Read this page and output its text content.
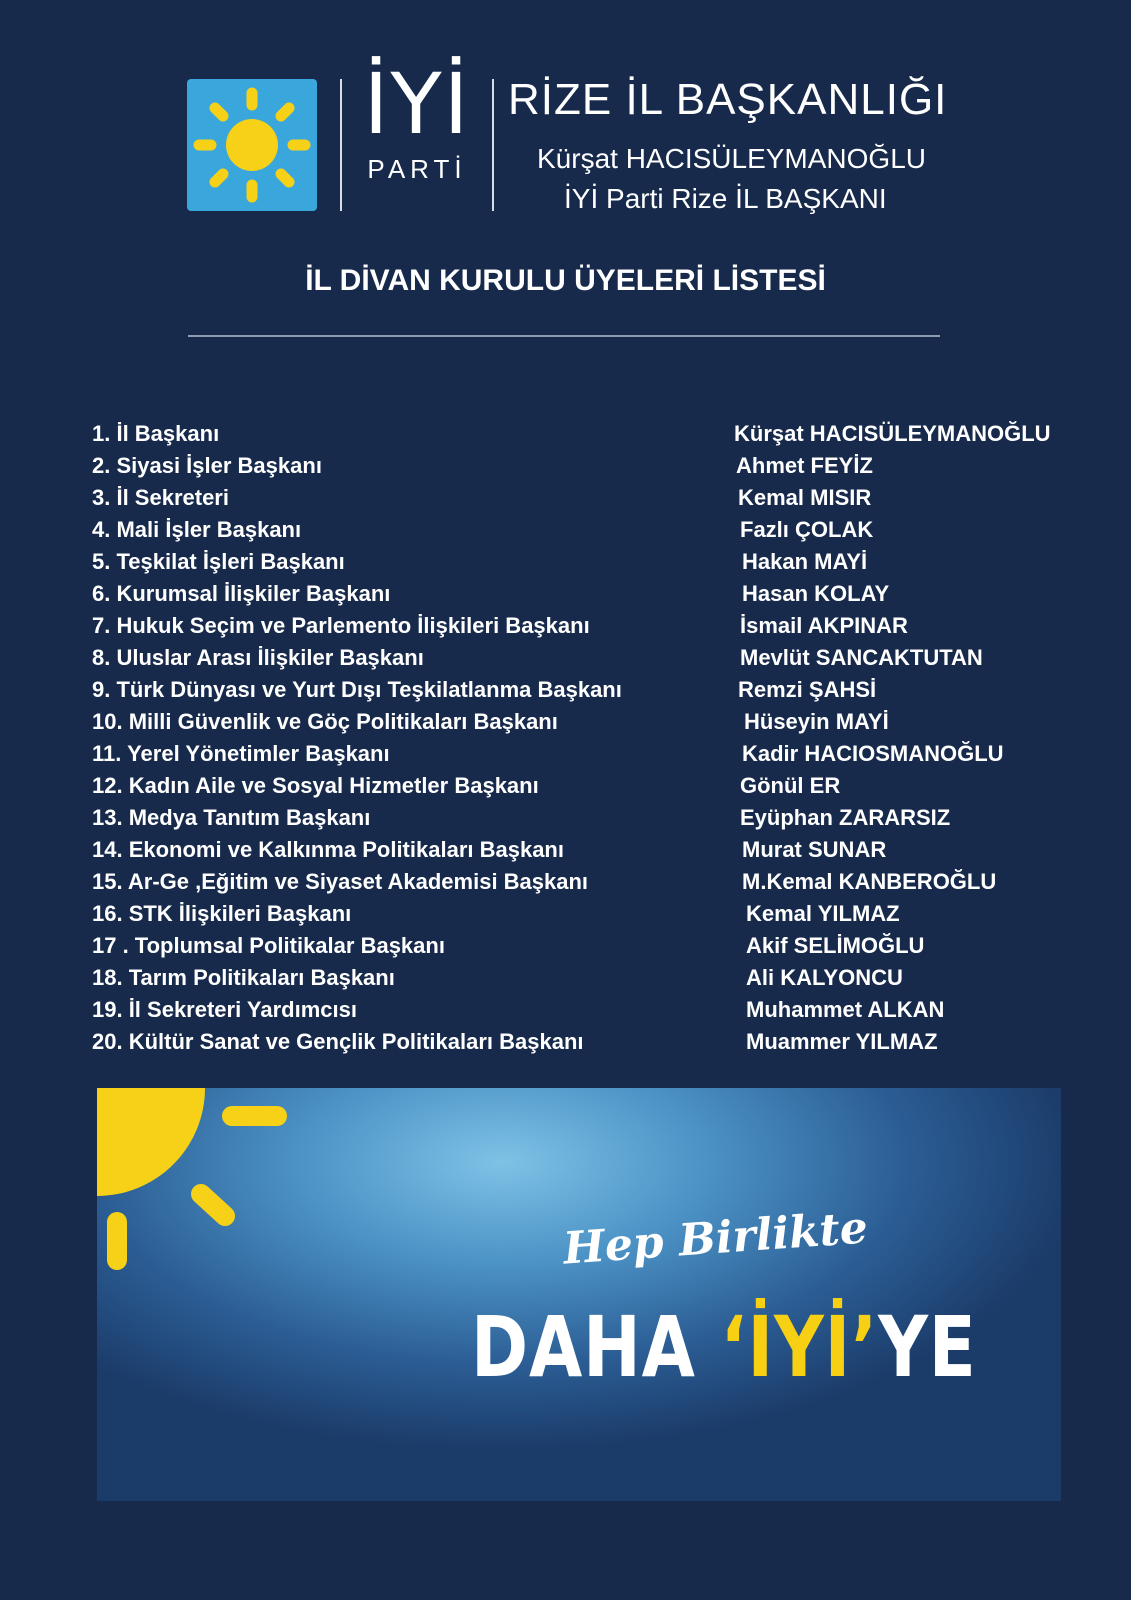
İYİ
PARTİ
RİZE İL BAŞKANLIĞI
Kürşat HACISÜLEYMANOĞLU
İYİ Parti Rize İL BAŞKANI
İL DİVAN KURULU ÜYELERİ LİSTESİ
1. İl Başkanı	Kürşat HACISÜLEYMANOĞLU
2. Siyasi İşler Başkanı	Ahmet FEYİZ
3. İl Sekreteri	Kemal MISIR
4. Mali İşler Başkanı	Fazlı ÇOLAK
5. Teşkilat İşleri Başkanı	Hakan MAYİ
6. Kurumsal İlişkiler Başkanı	Hasan KOLAY
7. Hukuk Seçim ve Parlemento İlişkileri Başkanı	İsmail AKPINAR
8. Uluslar Arası İlişkiler Başkanı	Mevlüt SANCAKTUTAN
9. Türk Dünyası ve Yurt Dışı Teşkilatlanma Başkanı	Remzi ŞAHSİ
10. Milli Güvenlik ve Göç Politikaları Başkanı	Hüseyin MAYİ
11. Yerel Yönetimler Başkanı	Kadir HACIOSMANOĞLU
12. Kadın Aile ve Sosyal Hizmetler Başkanı	Gönül ER
13. Medya Tanıtım Başkanı	Eyüphan ZARARSIZ
14. Ekonomi ve Kalkınma Politikaları Başkanı	Murat SUNAR
15. Ar-Ge ,Eğitim ve Siyaset Akademisi Başkanı	M.Kemal KANBEROĞLU
16. STK İlişkileri Başkanı	Kemal YILMAZ
17 . Toplumsal Politikalar Başkanı	Akif SELİMOĞLU
18. Tarım Politikaları Başkanı	Ali KALYONCU
19. İl Sekreteri Yardımcısı	Muhammet ALKAN
20. Kültür Sanat ve Gençlik Politikaları Başkanı	Muammer YILMAZ
Hep Birlikte
DAHA ‘İYİ’YE
